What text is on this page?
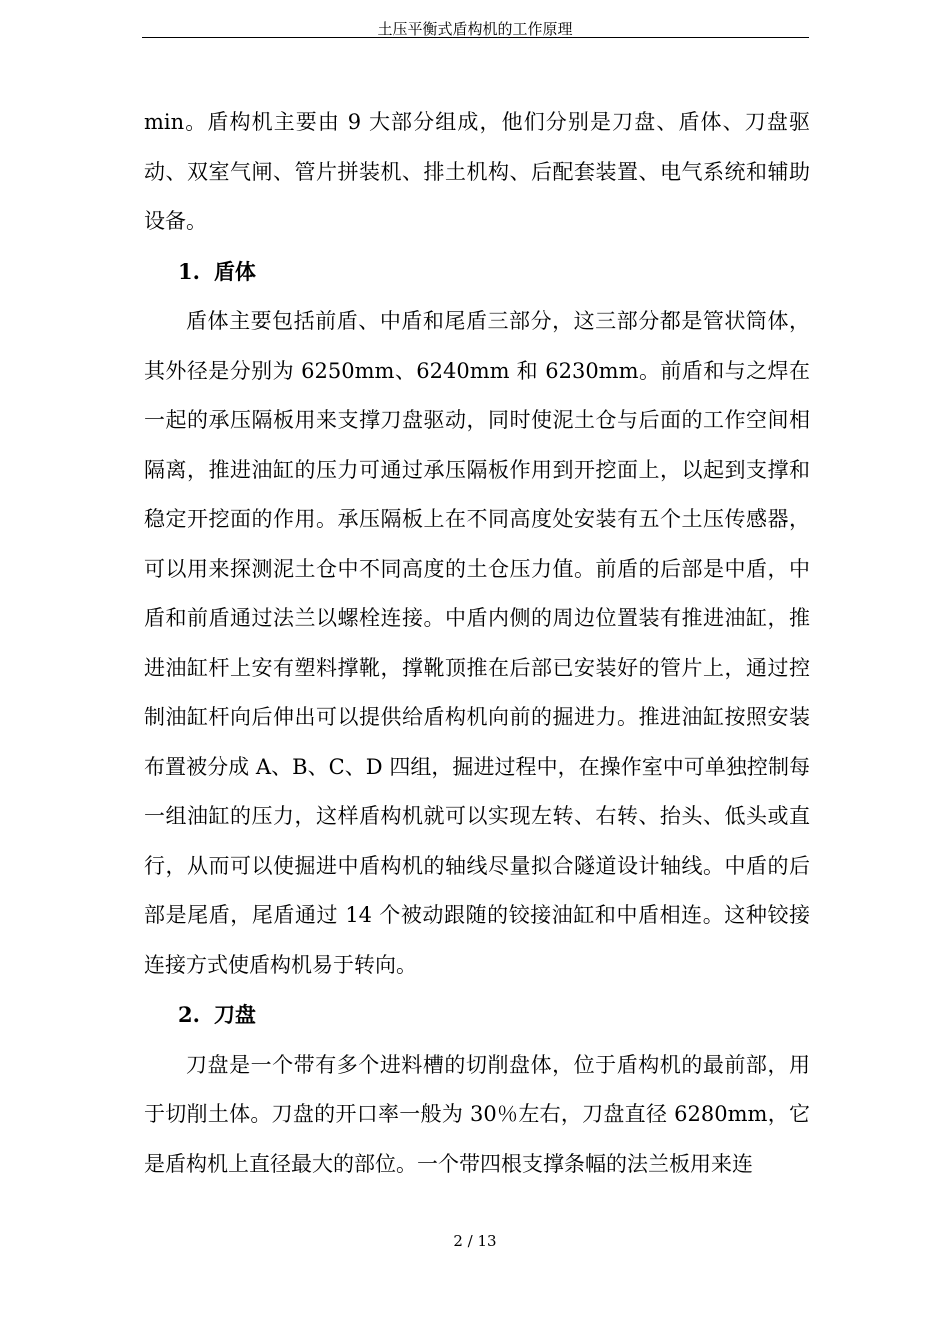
土压平衡式盾构机的工作原理

min。盾构机主要由 9 大部分组成，他们分别是刀盘、盾体、刀盘驱动、双室气闸、管片拼装机、排土机构、后配套装置、电气系统和辅助设备。

1. 盾体

盾体主要包括前盾、中盾和尾盾三部分，这三部分都是管状筒体，其外径是分别为 6250mm、6240mm 和 6230mm。前盾和与之焊在一起的承压隔板用来支撑刀盘驱动，同时使泥土仓与后面的工作空间相隔离，推进油缸的压力可通过承压隔板作用到开挖面上，以起到支撑和稳定开挖面的作用。承压隔板上在不同高度处安装有五个土压传感器，可以用来探测泥土仓中不同高度的土仓压力值。前盾的后部是中盾，中盾和前盾通过法兰以螺栓连接。中盾内侧的周边位置装有推进油缸，推进油缸杆上安有塑料撑靴，撑靴顶推在后部已安装好的管片上，通过控制油缸杆向后伸出可以提供给盾构机向前的掘进力。推进油缸按照安装布置被分成 A、B、C、D 四组，掘进过程中，在操作室中可单独控制每一组油缸的压力，这样盾构机就可以实现左转、右转、抬头、低头或直行，从而可以使掘进中盾构机的轴线尽量拟合隧道设计轴线。中盾的后部是尾盾，尾盾通过 14 个被动跟随的铰接油缸和中盾相连。这种铰接连接方式使盾构机易于转向。

2. 刀盘

刀盘是一个带有多个进料槽的切削盘体，位于盾构机的最前部，用于切削土体。刀盘的开口率一般为 30％左右，刀盘直径 6280mm，它是盾构机上直径最大的部位。一个带四根支撑条幅的法兰板用来连

2 / 13
